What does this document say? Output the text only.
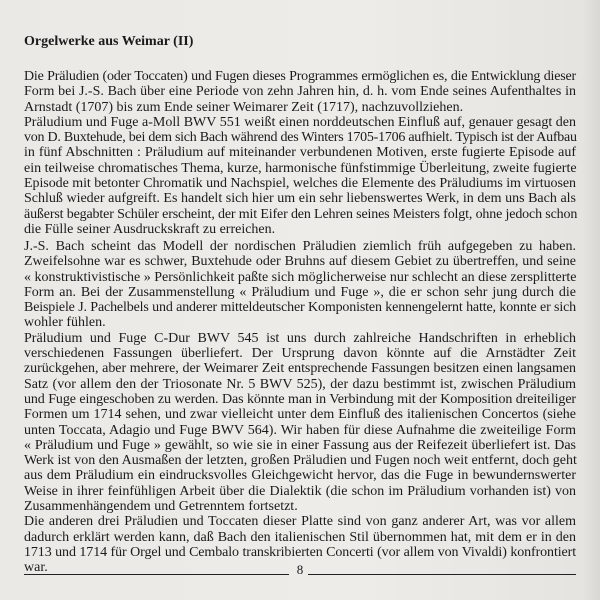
Orgelwerke aus Weimar (II)
Die Präludien (oder Toccaten) und Fugen dieses Programmes ermöglichen es, die Entwicklung dieser
Form bei J.-S. Bach über eine Periode von zehn Jahren hin, d. h. vom Ende seines Aufenthaltes in
Arnstadt (1707) bis zum Ende seiner Weimarer Zeit (1717), nachzuvollziehen.
Präludium und Fuge a-Moll BWV 551 weißt einen norddeutschen Einfluß auf, genauer gesagt den
von D. Buxtehude, bei dem sich Bach während des Winters 1705-1706 aufhielt. Typisch ist der Aufbau
in fünf Abschnitten : Präludium auf miteinander verbundenen Motiven, erste fugierte Episode auf
ein teilweise chromatisches Thema, kurze, harmonische fünfstimmige Überleitung, zweite fugierte
Episode mit betonter Chromatik und Nachspiel, welches die Elemente des Präludiums im virtuosen
Schluß wieder aufgreift. Es handelt sich hier um ein sehr liebenswertes Werk, in dem uns Bach als
äußerst begabter Schüler erscheint, der mit Eifer den Lehren seines Meisters folgt, ohne jedoch schon
die Fülle seiner Ausdruckskraft zu erreichen.
J.-S. Bach scheint das Modell der nordischen Präludien ziemlich früh aufgegeben zu haben.
Zweifelsohne war es schwer, Buxtehude oder Bruhns auf diesem Gebiet zu übertreffen, und seine
« konstruktivistische » Persönlichkeit paßte sich möglicherweise nur schlecht an diese zersplitterte
Form an. Bei der Zusammenstellung « Präludium und Fuge », die er schon sehr jung durch die
Beispiele J. Pachelbels und anderer mitteldeutscher Komponisten kennengelernt hatte, konnte er sich
wohler fühlen.
Präludium und Fuge C-Dur BWV 545 ist uns durch zahlreiche Handschriften in erheblich
verschiedenen Fassungen überliefert. Der Ursprung davon könnte auf die Arnstädter Zeit
zurückgehen, aber mehrere, der Weimarer Zeit entsprechende Fassungen besitzen einen langsamen
Satz (vor allem den der Triosonate Nr. 5 BWV 525), der dazu bestimmt ist, zwischen Präludium
und Fuge eingeschoben zu werden. Das könnte man in Verbindung mit der Komposition dreiteiliger
Formen um 1714 sehen, und zwar vielleicht unter dem Einfluß des italienischen Concertos (siehe
unten Toccata, Adagio und Fuge BWV 564). Wir haben für diese Aufnahme die zweiteilige Form
« Präludium und Fuge » gewählt, so wie sie in einer Fassung aus der Reifezeit überliefert ist. Das
Werk ist von den Ausmaßen der letzten, großen Präludien und Fugen noch weit entfernt, doch geht
aus dem Präludium ein eindrucksvolles Gleichgewicht hervor, das die Fuge in bewundernswerter
Weise in ihrer feinfühligen Arbeit über die Dialektik (die schon im Präludium vorhanden ist) von
Zusammenhängendem und Getrenntem fortsetzt.
Die anderen drei Präludien und Toccaten dieser Platte sind von ganz anderer Art, was vor allem
dadurch erklärt werden kann, daß Bach den italienischen Stil übernommen hat, mit dem er in den
1713 und 1714 für Orgel und Cembalo transkribierten Concerti (vor allem von Vivaldi) konfrontiert
war.	8
